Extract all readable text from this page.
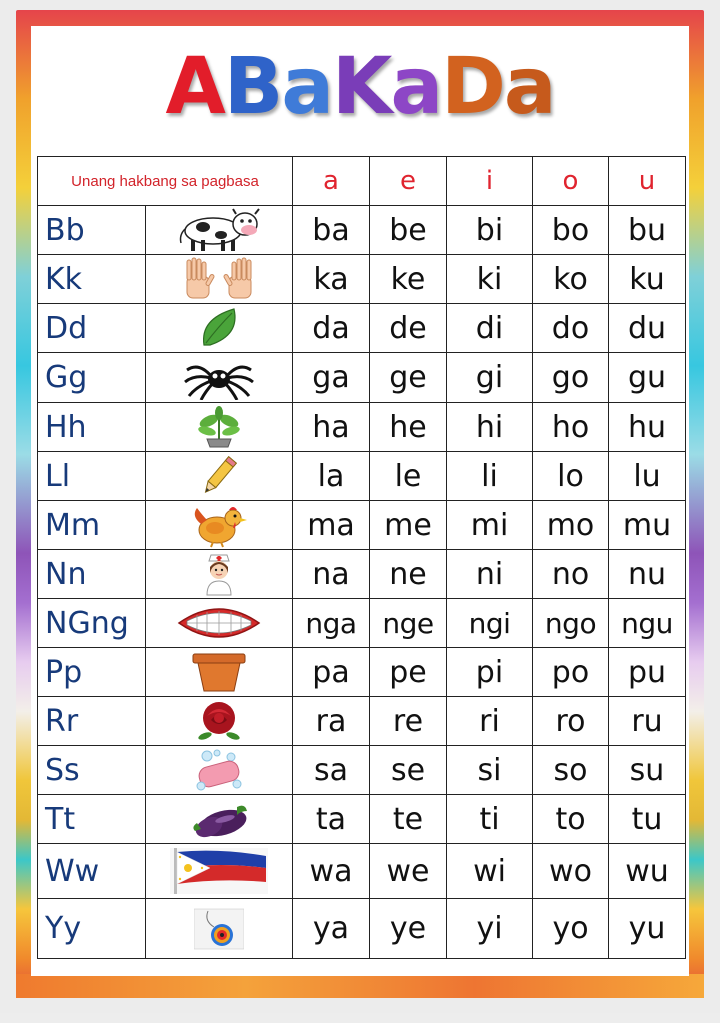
ABaKaDa
Unang hakbang sa pagbasa		a	e	i	o	u
Bb		ba	be	bi	bo	bu
Kk		ka	ke	ki	ko	ku
Dd		da	de	di	do	du
Gg		ga	ge	gi	go	gu
Hh		ha	he	hi	ho	hu
Ll		la	le	li	lo	lu
Mm		ma	me	mi	mo	mu
Nn		na	ne	ni	no	nu
NGng		nga	nge	ngi	ngo	ngu
Pp		pa	pe	pi	po	pu
Rr		ra	re	ri	ro	ru
Ss		sa	se	si	so	su
Tt		ta	te	ti	to	tu
Ww		wa	we	wi	wo	wu
Yy		ya	ye	yi	yo	yu
